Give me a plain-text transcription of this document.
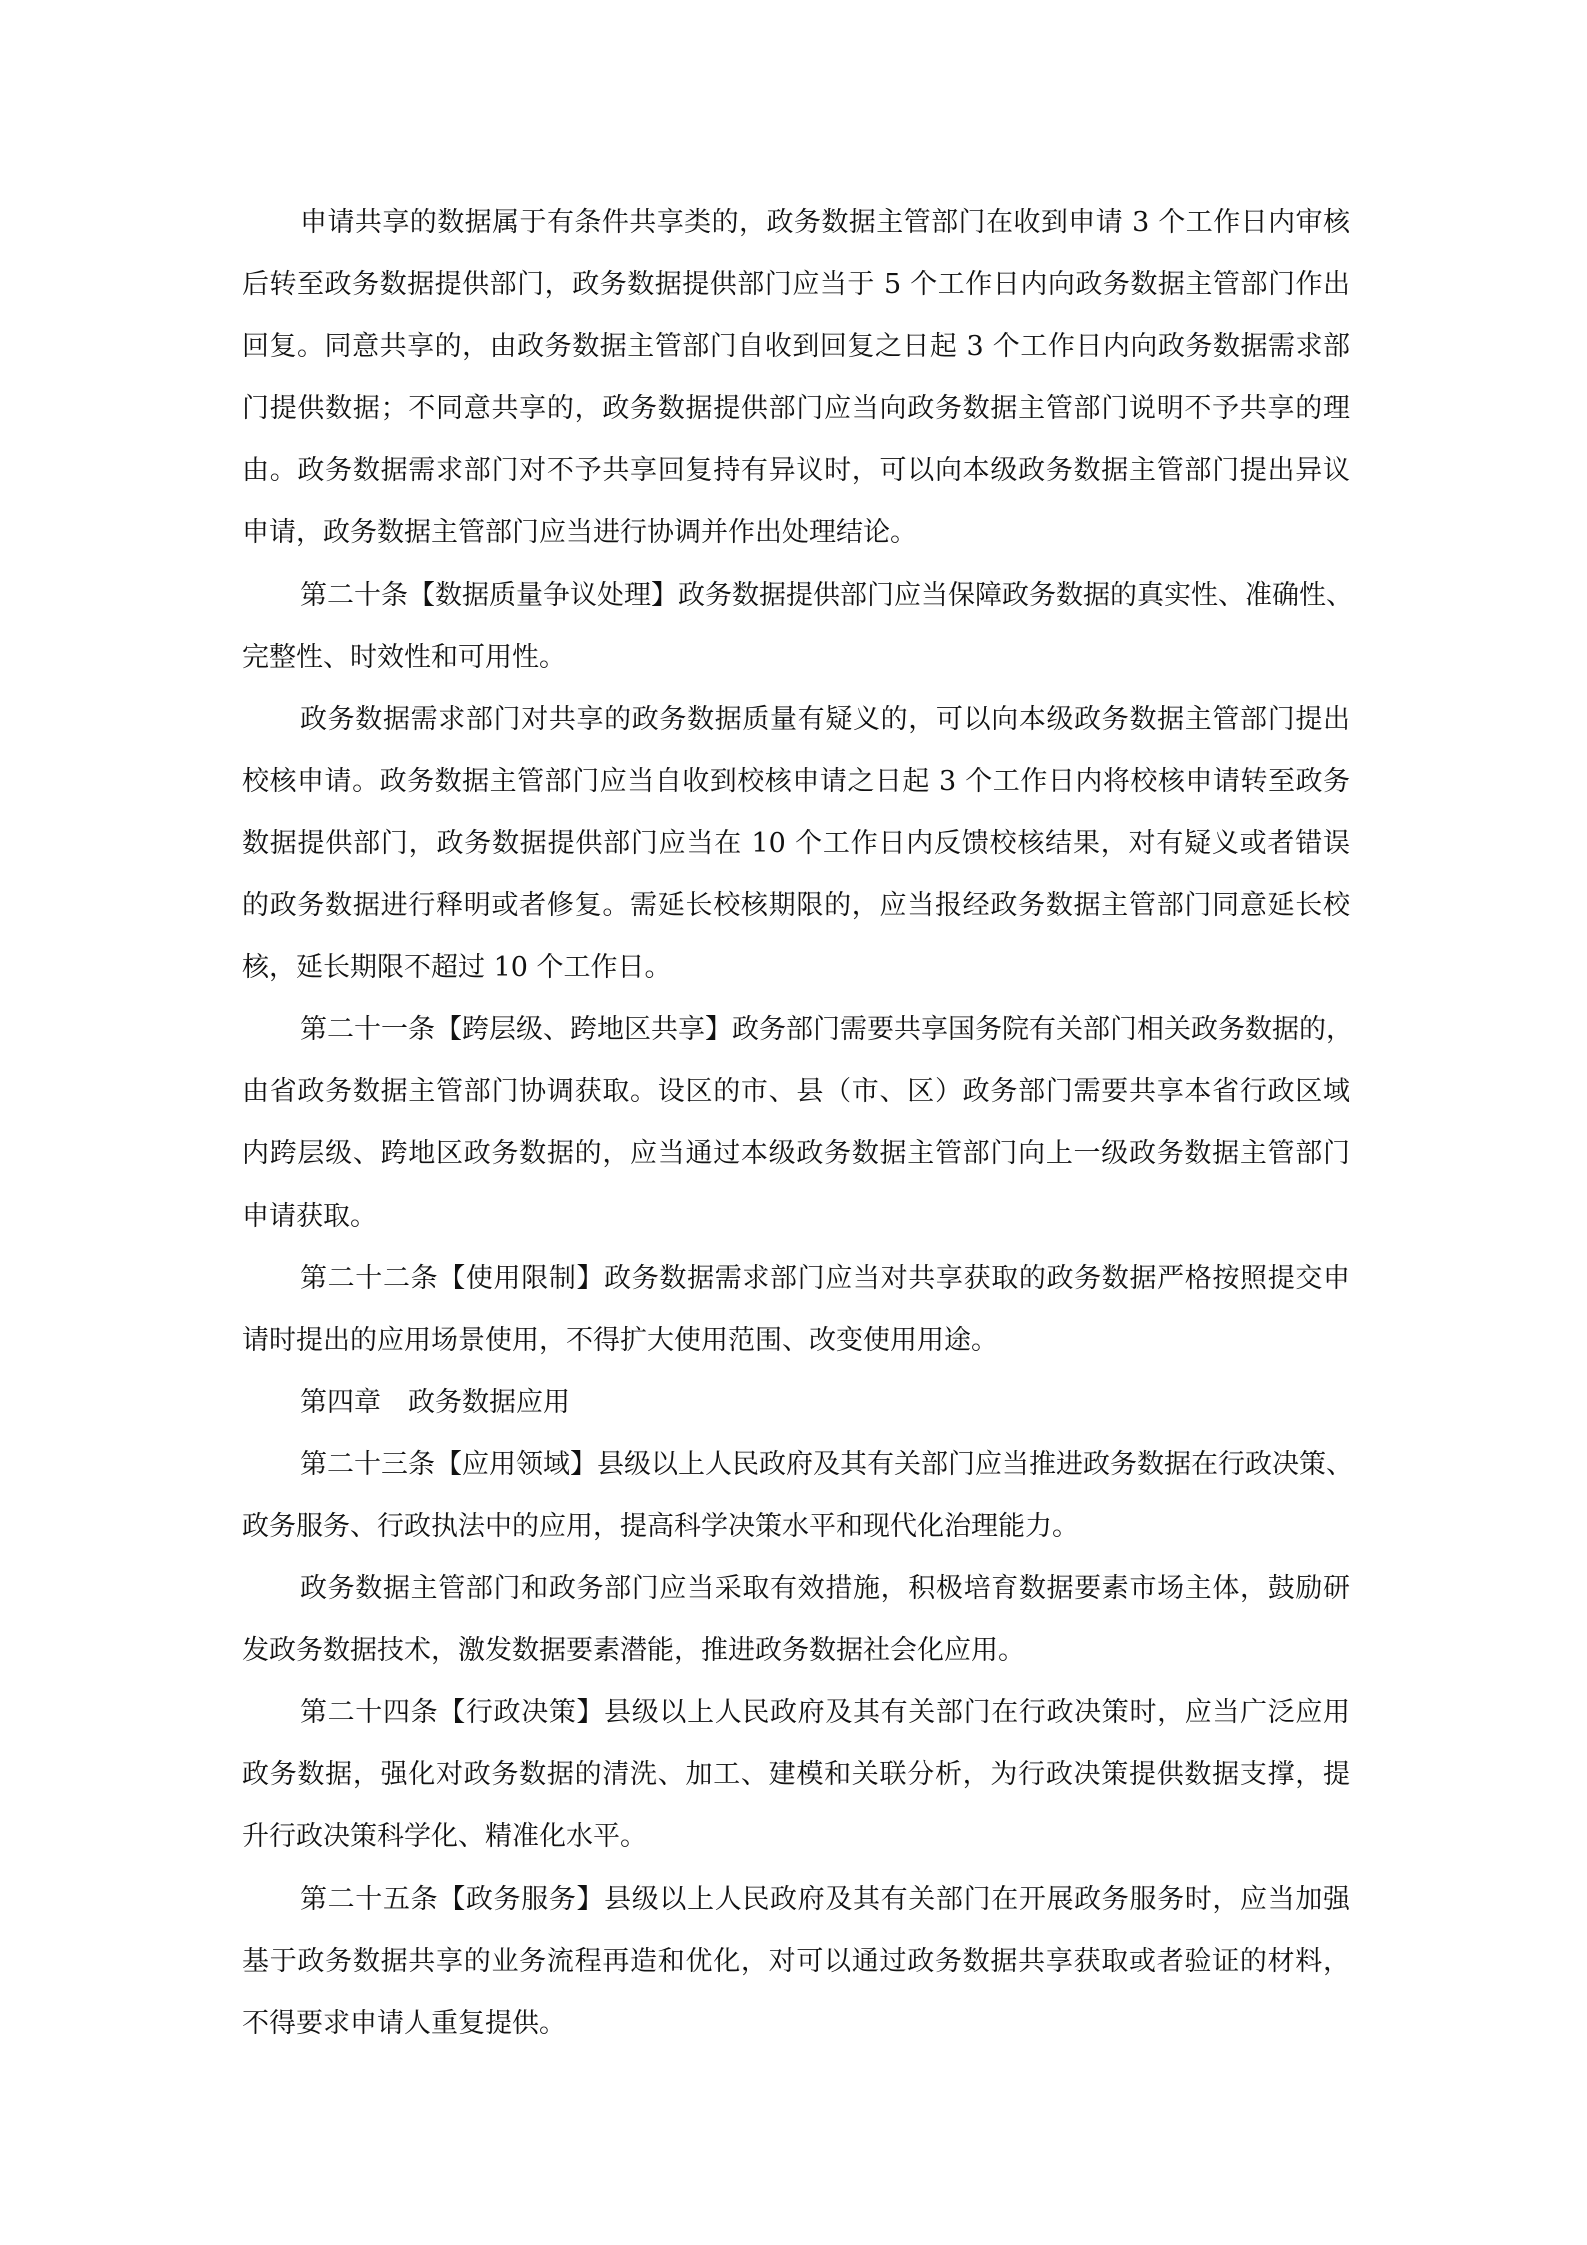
申请共享的数据属于有条件共享类的，政务数据主管部门在收到申请 3 个工作日内审核
后转至政务数据提供部门，政务数据提供部门应当于 5 个工作日内向政务数据主管部门作出
回复。同意共享的，由政务数据主管部门自收到回复之日起 3 个工作日内向政务数据需求部
门提供数据；不同意共享的，政务数据提供部门应当向政务数据主管部门说明不予共享的理
由。政务数据需求部门对不予共享回复持有异议时，可以向本级政务数据主管部门提出异议
申请，政务数据主管部门应当进行协调并作出处理结论。
第二十条【数据质量争议处理】政务数据提供部门应当保障政务数据的真实性、准确性、
完整性、时效性和可用性。
政务数据需求部门对共享的政务数据质量有疑义的，可以向本级政务数据主管部门提出
校核申请。政务数据主管部门应当自收到校核申请之日起 3 个工作日内将校核申请转至政务
数据提供部门，政务数据提供部门应当在 10 个工作日内反馈校核结果，对有疑义或者错误
的政务数据进行释明或者修复。需延长校核期限的，应当报经政务数据主管部门同意延长校
核，延长期限不超过 10 个工作日。
第二十一条【跨层级、跨地区共享】政务部门需要共享国务院有关部门相关政务数据的，
由省政务数据主管部门协调获取。设区的市、县（市、区）政务部门需要共享本省行政区域
内跨层级、跨地区政务数据的，应当通过本级政务数据主管部门向上一级政务数据主管部门
申请获取。
第二十二条【使用限制】政务数据需求部门应当对共享获取的政务数据严格按照提交申
请时提出的应用场景使用，不得扩大使用范围、改变使用用途。
第四章　政务数据应用
第二十三条【应用领域】县级以上人民政府及其有关部门应当推进政务数据在行政决策、
政务服务、行政执法中的应用，提高科学决策水平和现代化治理能力。
政务数据主管部门和政务部门应当采取有效措施，积极培育数据要素市场主体，鼓励研
发政务数据技术，激发数据要素潜能，推进政务数据社会化应用。
第二十四条【行政决策】县级以上人民政府及其有关部门在行政决策时，应当广泛应用
政务数据，强化对政务数据的清洗、加工、建模和关联分析，为行政决策提供数据支撑，提
升行政决策科学化、精准化水平。
第二十五条【政务服务】县级以上人民政府及其有关部门在开展政务服务时，应当加强
基于政务数据共享的业务流程再造和优化，对可以通过政务数据共享获取或者验证的材料，
不得要求申请人重复提供。
